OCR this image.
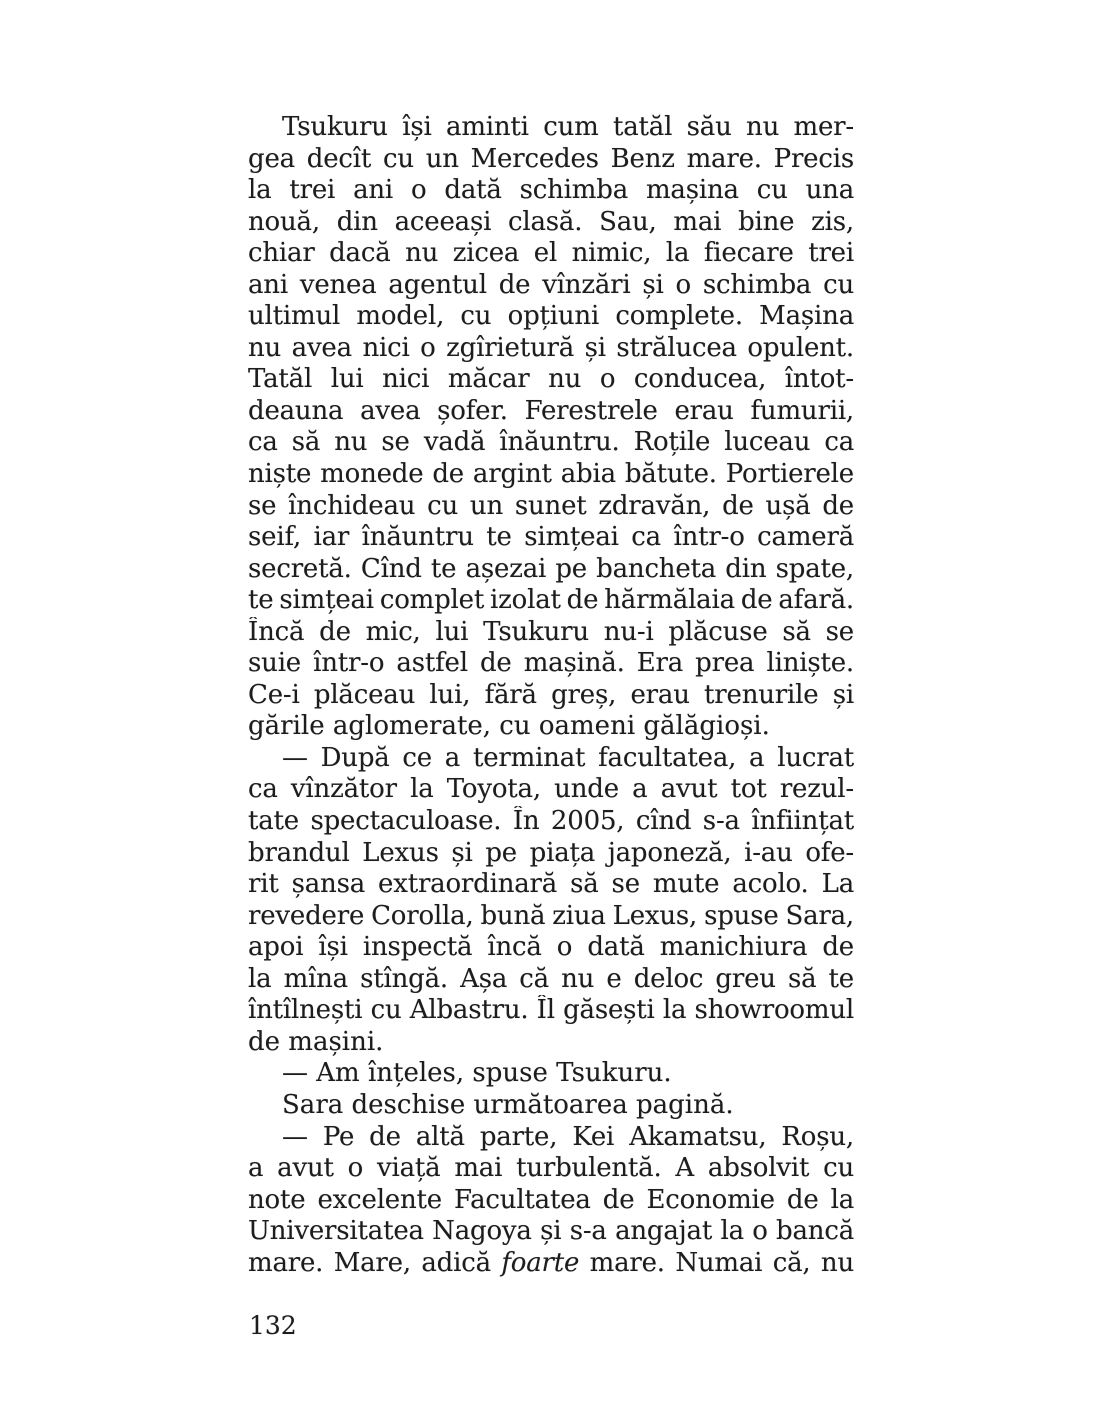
Tsukuru își aminti cum tatăl său nu mer-
gea decît cu un Mercedes Benz mare. Precis
la trei ani o dată schimba mașina cu una
nouă, din aceeași clasă. Sau, mai bine zis,
chiar dacă nu zicea el nimic, la fiecare trei
ani venea agentul de vînzări și o schimba cu
ultimul model, cu opțiuni complete. Mașina
nu avea nici o zgîrietură și strălucea opulent.
Tatăl lui nici măcar nu o conducea, întot-
deauna avea șofer. Ferestrele erau fumurii,
ca să nu se vadă înăuntru. Roțile luceau ca
niște monede de argint abia bătute. Portierele
se închideau cu un sunet zdravăn, de ușă de
seif, iar înăuntru te simțeai ca într-o cameră
secretă. Cînd te așezai pe bancheta din spate,
te simțeai complet izolat de hărmălaia de afară.
Încă de mic, lui Tsukuru nu-i plăcuse să se
suie într-o astfel de mașină. Era prea liniște.
Ce-i plăceau lui, fără greș, erau trenurile și
gările aglomerate, cu oameni gălăgioși.
— După ce a terminat facultatea, a lucrat
ca vînzător la Toyota, unde a avut tot rezul-
tate spectaculoase. În 2005, cînd s-a înființat
brandul Lexus și pe piața japoneză, i-au ofe-
rit șansa extraordinară să se mute acolo. La
revedere Corolla, bună ziua Lexus, spuse Sara,
apoi își inspectă încă o dată manichiura de
la mîna stîngă. Așa că nu e deloc greu să te
întîlnești cu Albastru. Îl găsești la showroomul
de mașini.
— Am înțeles, spuse Tsukuru.
Sara deschise următoarea pagină.
— Pe de altă parte, Kei Akamatsu, Roșu,
a avut o viață mai turbulentă. A absolvit cu
note excelente Facultatea de Economie de la
Universitatea Nagoya și s-a angajat la o bancă
mare. Mare, adică foarte mare. Numai că, nu
132
